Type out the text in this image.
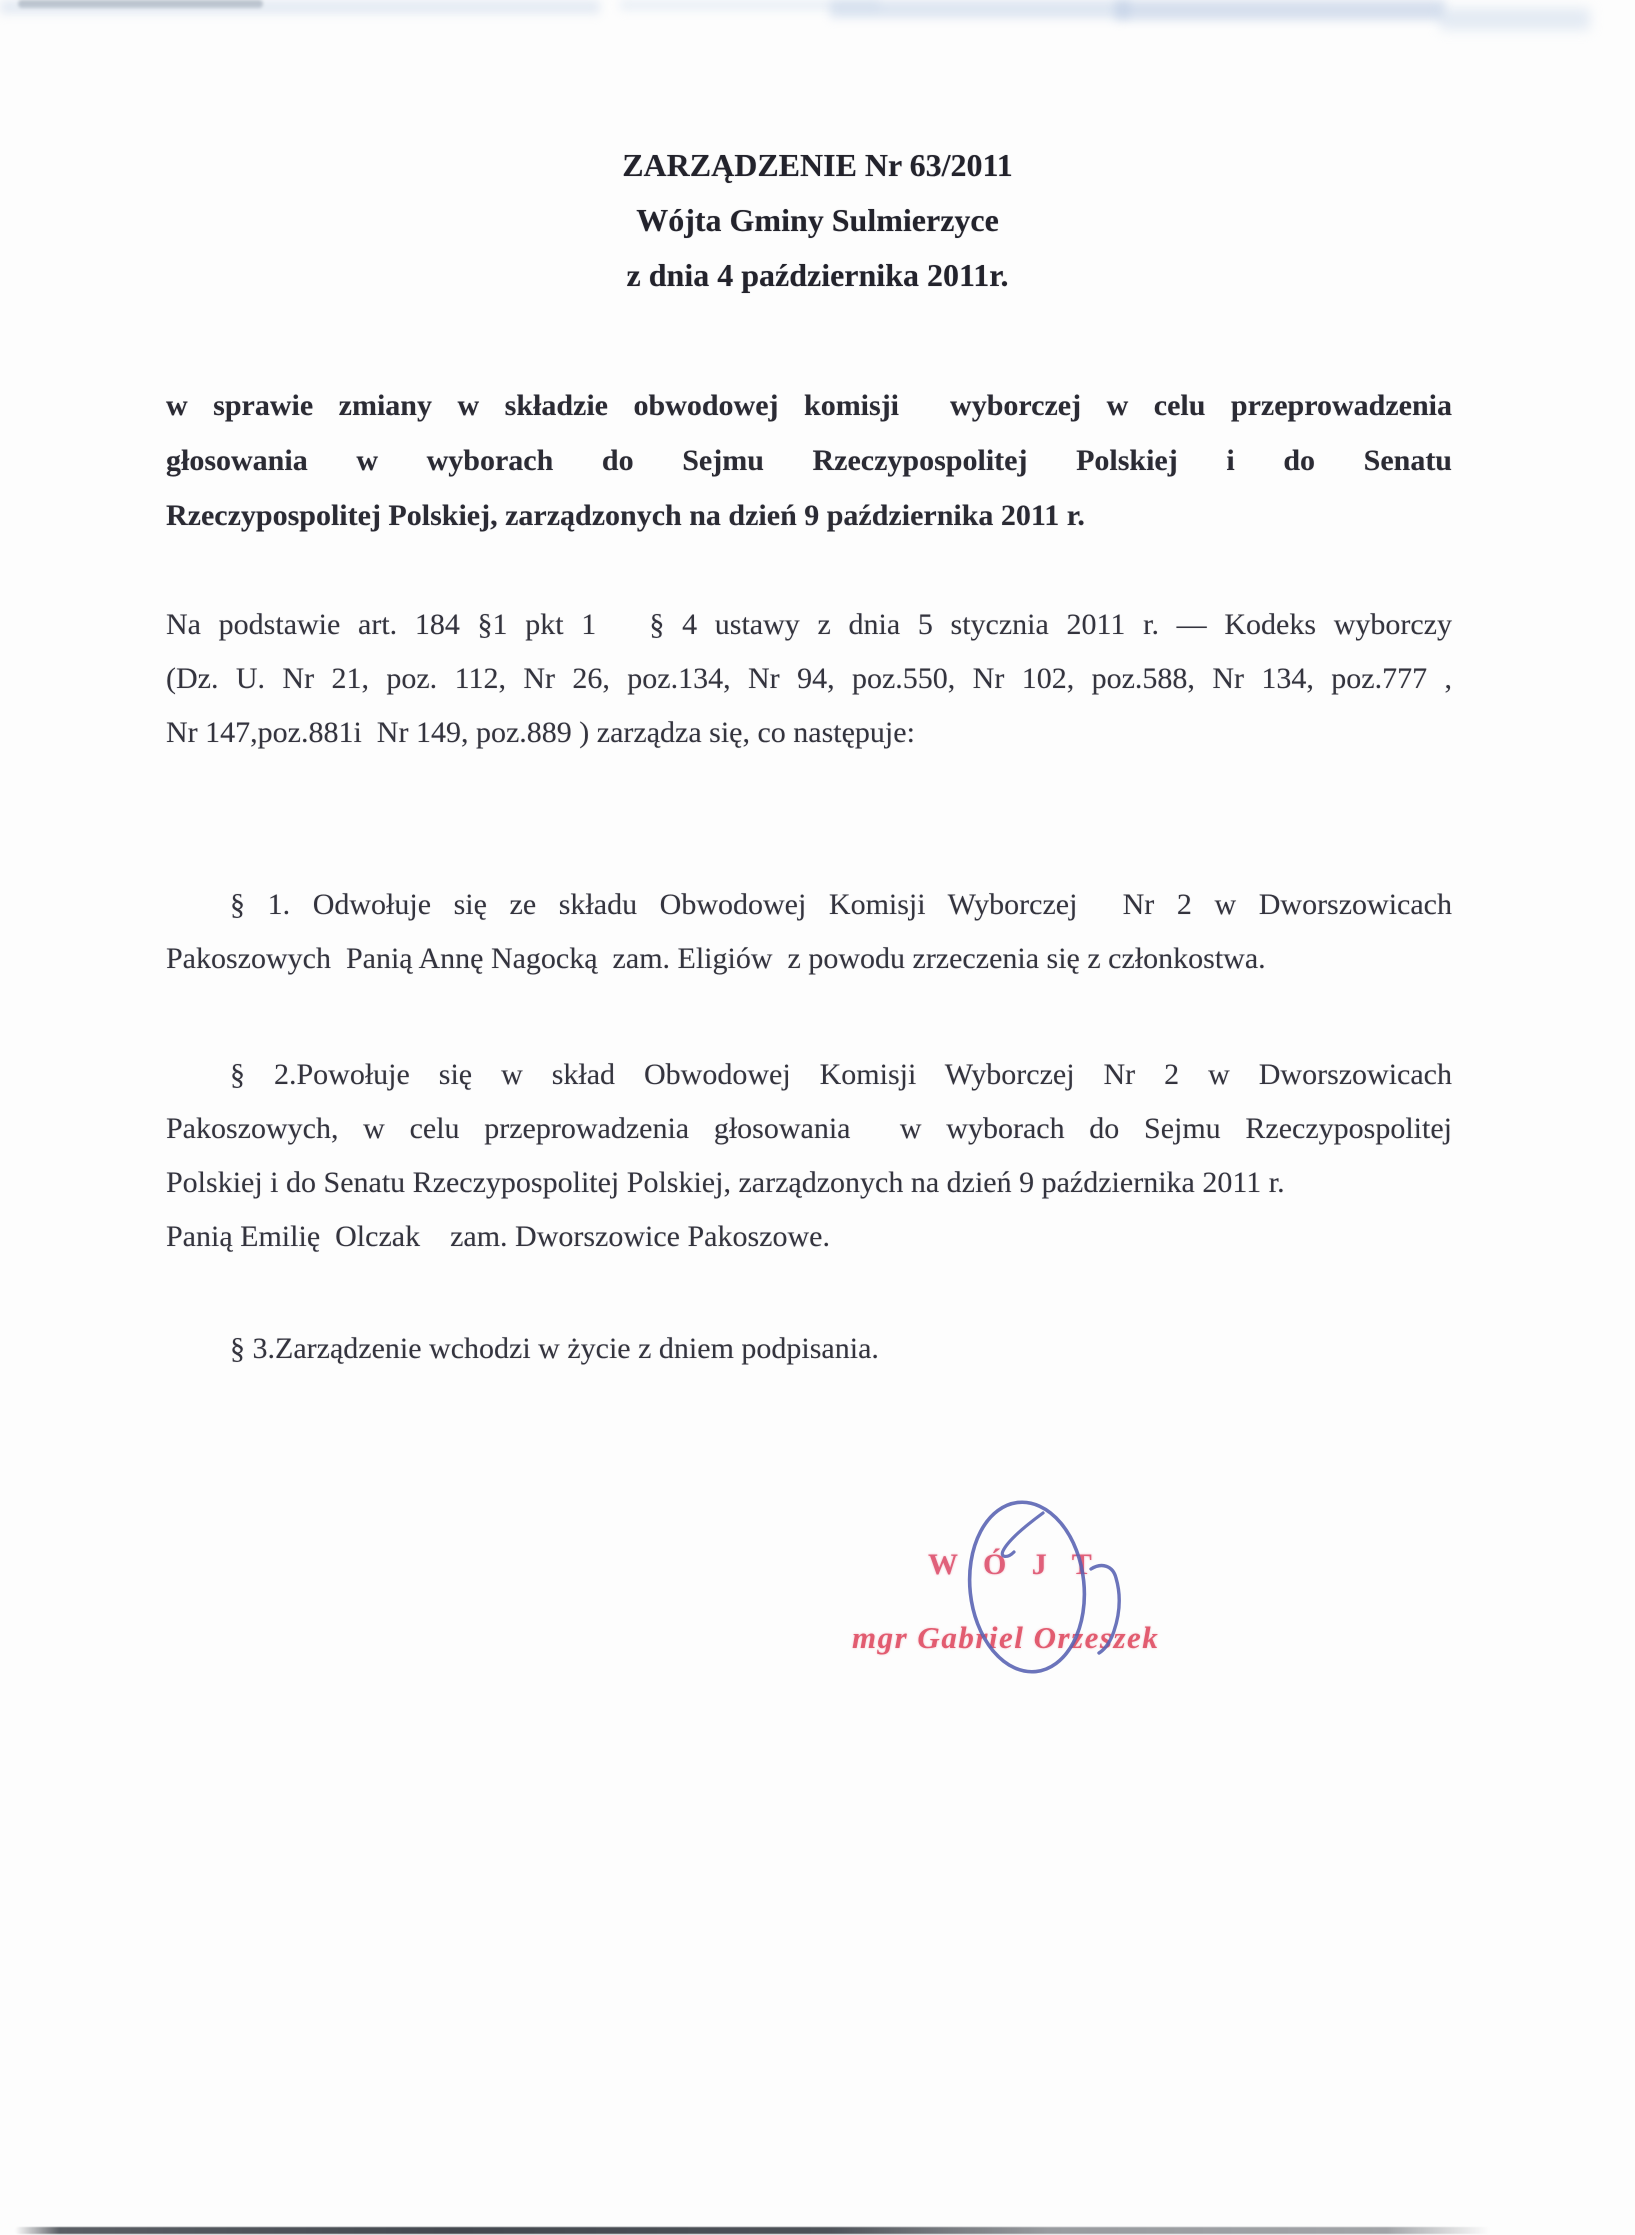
ZARZĄDZENIE Nr 63/2011
Wójta Gminy Sulmierzyce
z dnia 4 października 2011r.
w sprawie zmiany w składzie obwodowej komisji  wyborczej w celu przeprowadzenia
głosowania w wyborach do Sejmu Rzeczypospolitej Polskiej i do Senatu
Rzeczypospolitej Polskiej, zarządzonych na dzień 9 października 2011 r.
Na podstawie art. 184 §1 pkt 1   § 4 ustawy z dnia 5 stycznia 2011 r. — Kodeks wyborczy
(Dz. U. Nr 21, poz. 112, Nr 26, poz.134, Nr 94, poz.550, Nr 102, poz.588, Nr 134, poz.777 ,
Nr 147,poz.881i  Nr 149, poz.889 ) zarządza się, co następuje:
§ 1. Odwołuje się ze składu Obwodowej Komisji Wyborczej  Nr 2 w Dworszowicach
Pakoszowych  Panią Annę Nagocką  zam. Eligiów  z powodu zrzeczenia się z członkostwa.
§ 2.Powołuje się w skład Obwodowej Komisji Wyborczej Nr 2 w Dworszowicach
Pakoszowych, w celu przeprowadzenia głosowania  w wyborach do Sejmu Rzeczypospolitej
Polskiej i do Senatu Rzeczypospolitej Polskiej, zarządzonych na dzień 9 października 2011 r.
Panią Emilię  Olczak    zam. Dworszowice Pakoszowe.
§ 3.Zarządzenie wchodzi w życie z dniem podpisania.
W Ó J T
mgr Gabriel Orzeszek
